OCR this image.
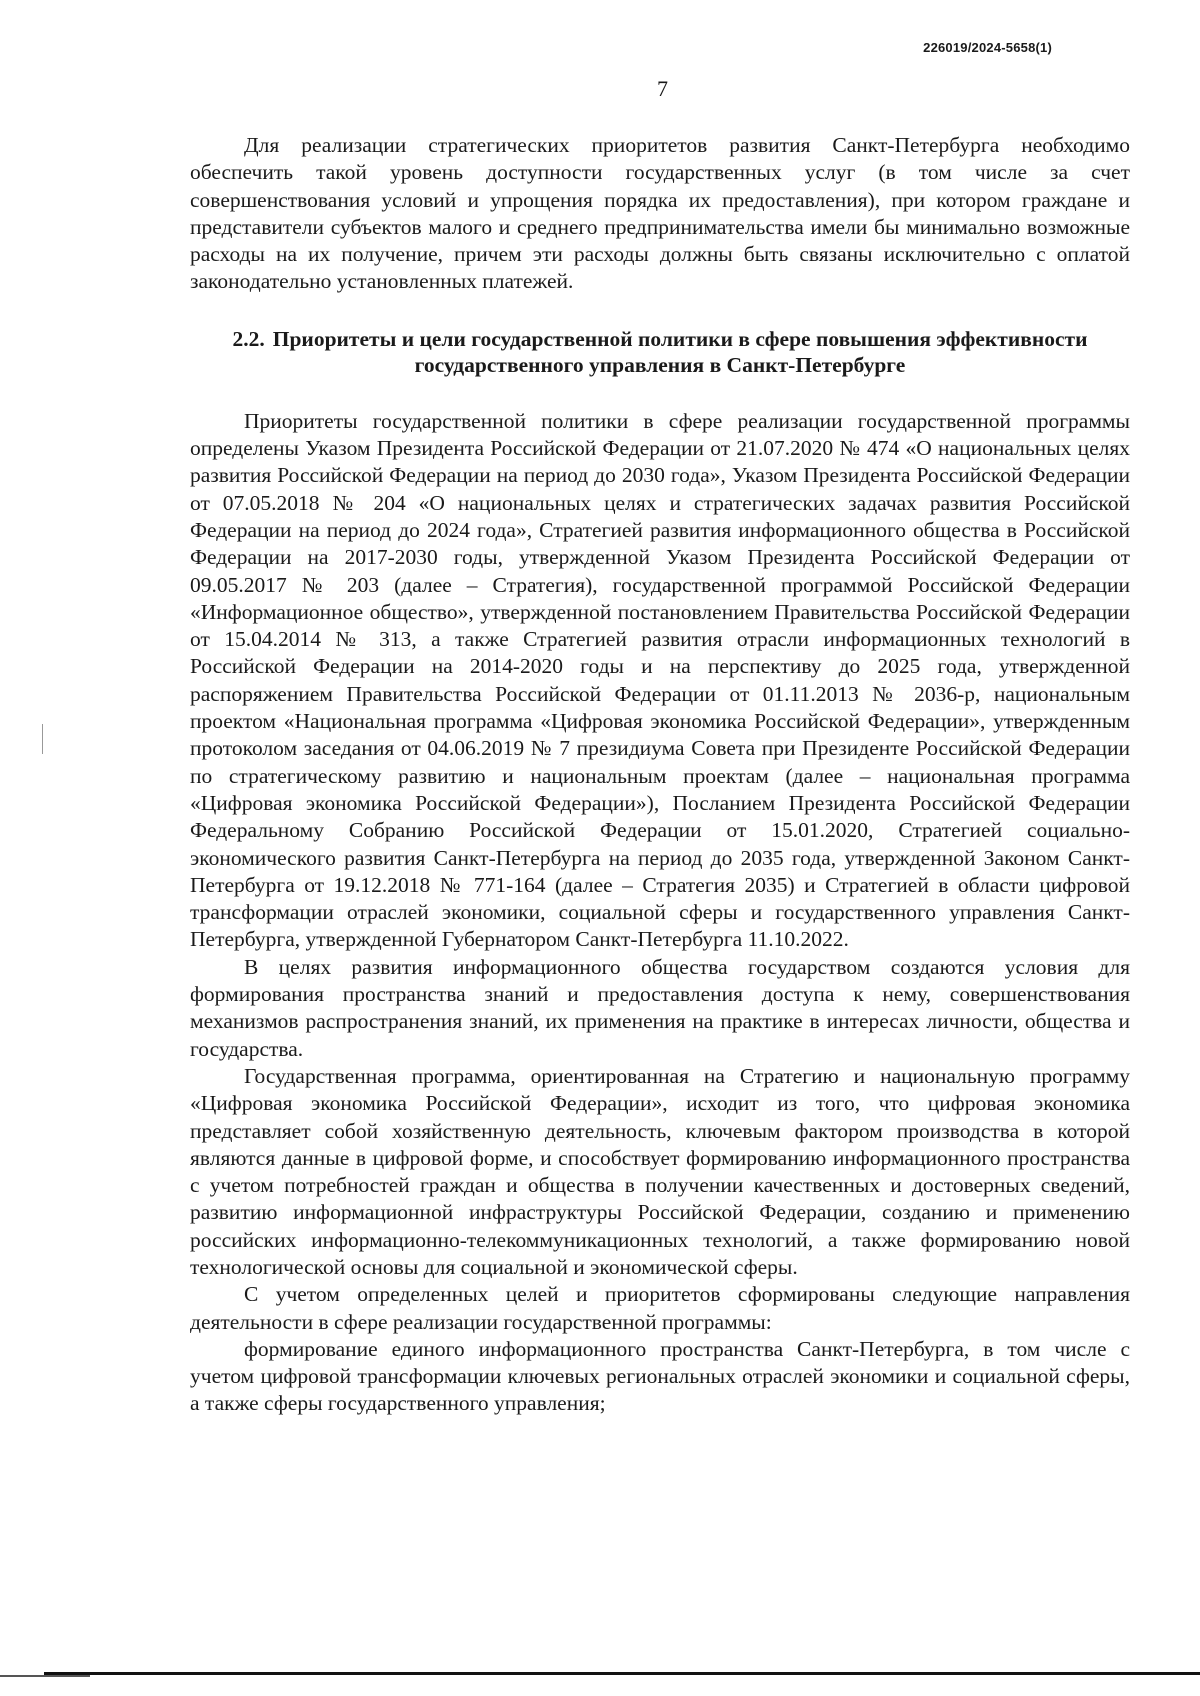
226019/2024-5658(1)
7

Для реализации стратегических приоритетов развития Санкт-Петербурга необходимо обеспечить такой уровень доступности государственных услуг (в том числе за счет совершенствования условий и упрощения порядка их предоставления), при котором граждане и представители субъектов малого и среднего предпринимательства имели бы минимально возможные расходы на их получение, причем эти расходы должны быть связаны исключительно с оплатой законодательно установленных платежей.

2.2. Приоритеты и цели государственной политики в сфере повышения эффективности государственного управления в Санкт-Петербурге

Приоритеты государственной политики в сфере реализации государственной программы определены Указом Президента Российской Федерации от 21.07.2020 № 474 «О национальных целях развития Российской Федерации на период до 2030 года», Указом Президента Российской Федерации от 07.05.2018 № 204 «О национальных целях и стратегических задачах развития Российской Федерации на период до 2024 года», Стратегией развития информационного общества в Российской Федерации на 2017-2030 годы, утвержденной Указом Президента Российской Федерации от 09.05.2017 № 203 (далее – Стратегия), государственной программой Российской Федерации «Информационное общество», утвержденной постановлением Правительства Российской Федерации от 15.04.2014 № 313, а также Стратегией развития отрасли информационных технологий в Российской Федерации на 2014-2020 годы и на перспективу до 2025 года, утвержденной распоряжением Правительства Российской Федерации от 01.11.2013 № 2036-р, национальным проектом «Национальная программа «Цифровая экономика Российской Федерации», утвержденным протоколом заседания от 04.06.2019 № 7 президиума Совета при Президенте Российской Федерации по стратегическому развитию и национальным проектам (далее – национальная программа «Цифровая экономика Российской Федерации»), Посланием Президента Российской Федерации Федеральному Собранию Российской Федерации от 15.01.2020, Стратегией социально-экономического развития Санкт-Петербурга на период до 2035 года, утвержденной Законом Санкт-Петербурга от 19.12.2018 № 771-164 (далее – Стратегия 2035) и Стратегией в области цифровой трансформации отраслей экономики, социальной сферы и государственного управления Санкт-Петербурга, утвержденной Губернатором Санкт-Петербурга 11.10.2022.

В целях развития информационного общества государством создаются условия для формирования пространства знаний и предоставления доступа к нему, совершенствования механизмов распространения знаний, их применения на практике в интересах личности, общества и государства.

Государственная программа, ориентированная на Стратегию и национальную программу «Цифровая экономика Российской Федерации», исходит из того, что цифровая экономика представляет собой хозяйственную деятельность, ключевым фактором производства в которой являются данные в цифровой форме, и способствует формированию информационного пространства с учетом потребностей граждан и общества в получении качественных и достоверных сведений, развитию информационной инфраструктуры Российской Федерации, созданию и применению российских информационно-телекоммуникационных технологий, а также формированию новой технологической основы для социальной и экономической сферы.

С учетом определенных целей и приоритетов сформированы следующие направления деятельности в сфере реализации государственной программы:

формирование единого информационного пространства Санкт-Петербурга, в том числе с учетом цифровой трансформации ключевых региональных отраслей экономики и социальной сферы, а также сферы государственного управления;
